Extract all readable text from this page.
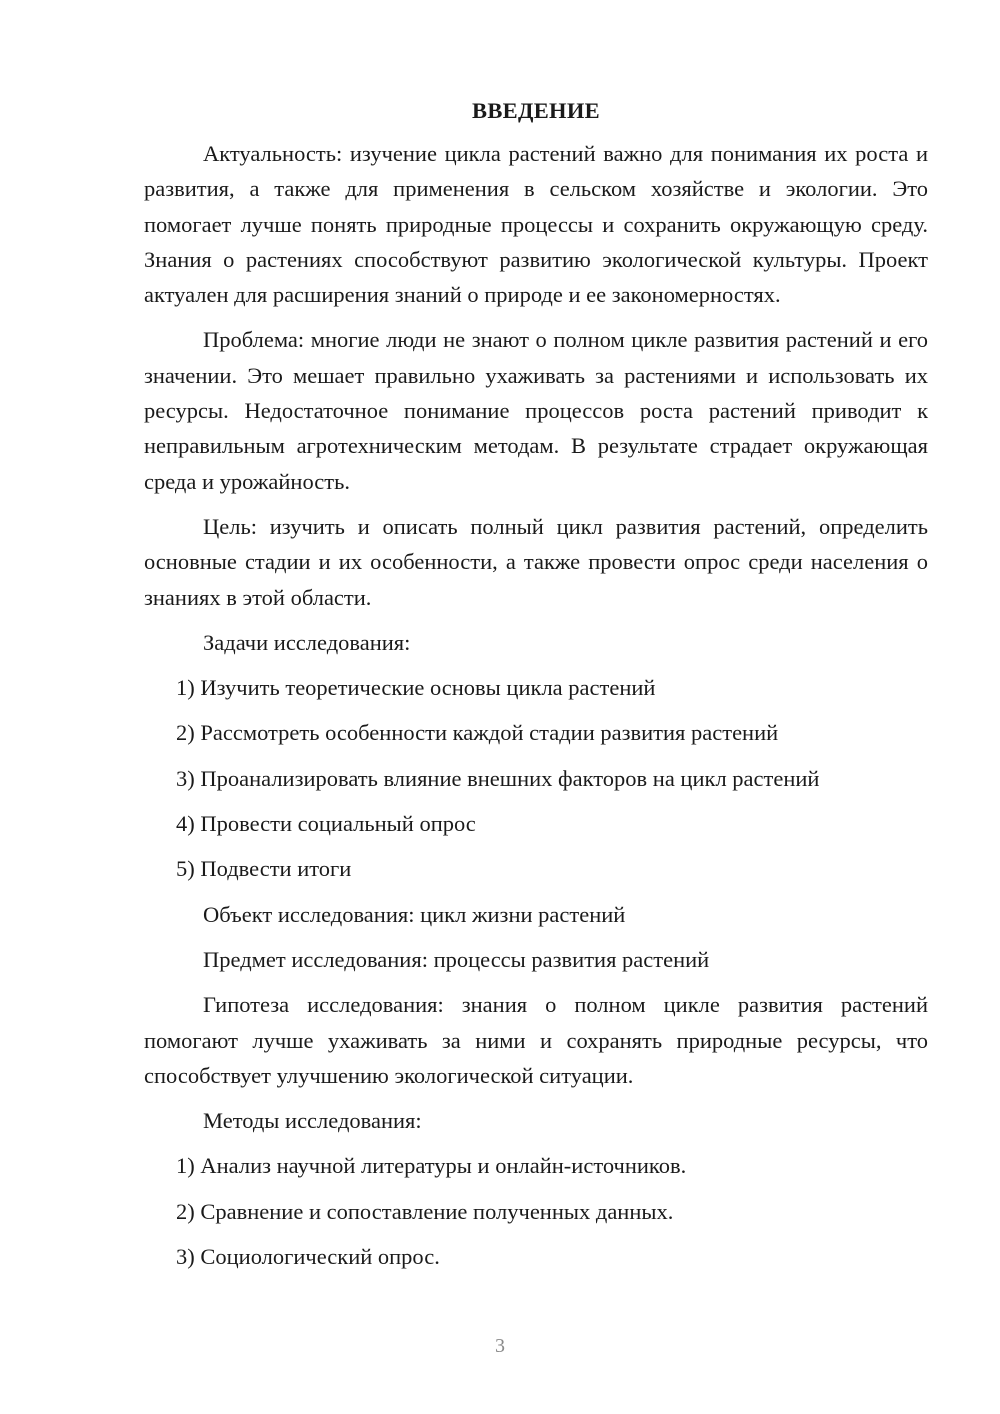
ВВЕДЕНИЕ

Актуальность: изучение цикла растений важно для понимания их роста и развития, а также для применения в сельском хозяйстве и экологии. Это помогает лучше понять природные процессы и сохранить окружающую среду. Знания о растениях способствуют развитию экологической культуры. Проект актуален для расширения знаний о природе и ее закономерностях.

Проблема: многие люди не знают о полном цикле развития растений и его значении. Это мешает правильно ухаживать за растениями и использовать их ресурсы. Недостаточное понимание процессов роста растений приводит к неправильным агротехническим методам. В результате страдает окружающая среда и урожайность.

Цель: изучить и описать полный цикл развития растений, определить основные стадии и их особенности, а также провести опрос среди населения о знаниях в этой области.

Задачи исследования:

1) Изучить теоретические основы цикла растений

2) Рассмотреть особенности каждой стадии развития растений

3) Проанализировать влияние внешних факторов на цикл растений

4) Провести социальный опрос

5) Подвести итоги

Объект исследования: цикл жизни растений

Предмет исследования: процессы развития растений

Гипотеза исследования: знания о полном цикле развития растений помогают лучше ухаживать за ними и сохранять природные ресурсы, что способствует улучшению экологической ситуации.

Методы исследования:

1) Анализ научной литературы и онлайн-источников.

2) Сравнение и сопоставление полученных данных.

3) Социологический опрос.

3
